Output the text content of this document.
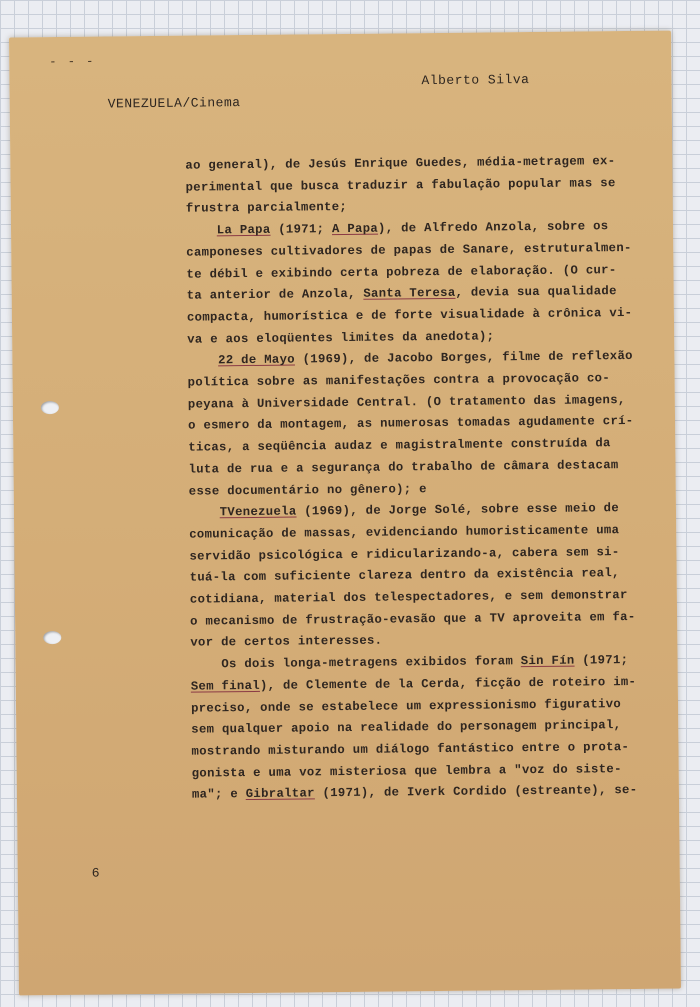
- - -
Alberto Silva
VENEZUELA/Cinema
ao general), de Jesús Enrique Guedes, média-metragem ex-
perimental que busca traduzir a fabulação popular mas se
frustra parcialmente;
La Papa (1971; A Papa), de Alfredo Anzola, sobre os
camponeses cultivadores de papas de Sanare, estruturalmen-
te débil e exibindo certa pobreza de elaboração. (O cur-
ta anterior de Anzola, Santa Teresa, devia sua qualidade
compacta, humorística e de forte visualidade à crônica vi-
va e aos eloqüentes limites da anedota);
22 de Mayo (1969), de Jacobo Borges, filme de reflexão
política sobre as manifestações contra a provocação co-
peyana à Universidade Central. (O tratamento das imagens,
o esmero da montagem, as numerosas tomadas agudamente crí-
ticas, a seqüência audaz e magistralmente construída da
luta de rua e a segurança do trabalho de câmara destacam
esse documentário no gênero); e
TVenezuela (1969), de Jorge Solé, sobre esse meio de
comunicação de massas, evidenciando humoristicamente uma
servidão psicológica e ridicularizando-a, cabera sem si-
tuá-la com suficiente clareza dentro da existência real,
cotidiana, material dos telespectadores, e sem demonstrar
o mecanismo de frustração-evasão que a TV aproveita em fa-
vor de certos interesses.
Os dois longa-metragens exibidos foram Sin Fín (1971;
Sem final), de Clemente de la Cerda, ficção de roteiro im-
preciso, onde se estabelece um expressionismo figurativo
sem qualquer apoio na realidade do personagem principal,
mostrando misturando um diálogo fantástico entre o prota-
gonista e uma voz misteriosa que lembra a "voz do siste-
ma"; e Gibraltar (1971), de Iverk Cordido (estreante), se-
6
